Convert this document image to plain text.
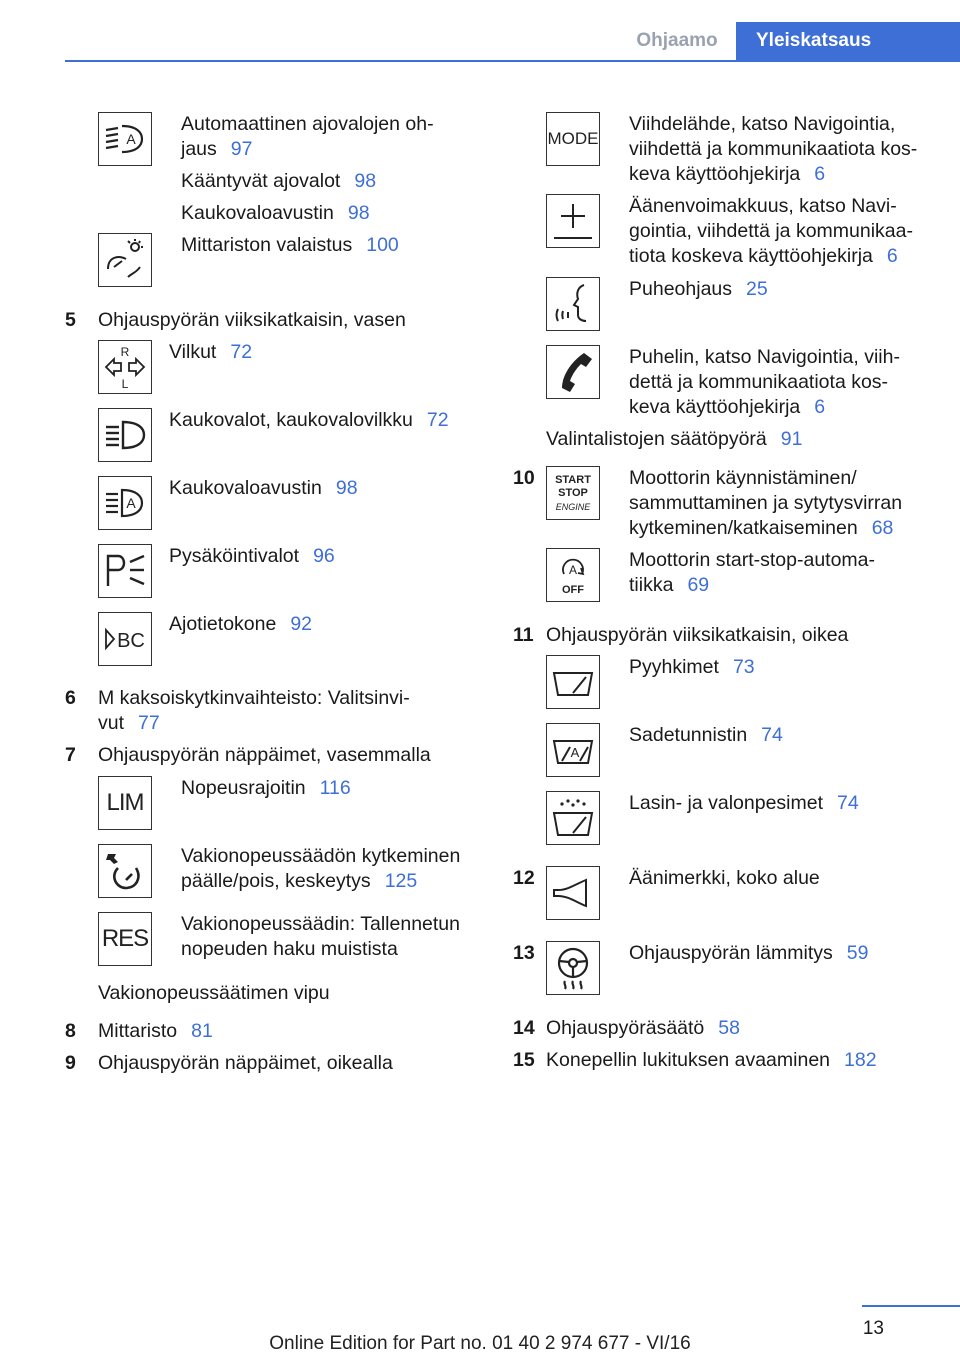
Ohjaamo	Yleiskatsaus
A
Automaattinen ajovalojen oh-
jaus 97
Kääntyvät ajovalot 98
Kaukovaloavustin 98
Mittariston valaistus 100
5 Ohjauspyörän viiksikatkaisin, vasen
R
L
Vilkut 72
Kaukovalot, kaukovalovilkku 72
A
Kaukovaloavustin 98
Pysäköintivalot 96
BC
Ajotietokone 92
6 M kaksoiskytkinvaihteisto: Valitsinvi-
vut 77
7 Ohjauspyörän näppäimet, vasemmalla
LIM
Nopeusrajoitin 116
Vakionopeussäädön kytkeminen
päälle/pois, keskeytys 125
RES
Vakionopeussäädin: Tallennetun
nopeuden haku muistista
Vakionopeussäätimen vipu
8 Mittaristo 81
9 Ohjauspyörän näppäimet, oikealla
MODE
Viihdelähde, katso Navigointia,
viihdettä ja kommunikaatiota kos-
keva käyttöohjekirja 6
Äänenvoimakkuus, katso Navi-
gointia, viihdettä ja kommunikaa-
tiota koskeva käyttöohjekirja 6
Puheohjaus 25
Puhelin, katso Navigointia, viih-
dettä ja kommunikaatiota kos-
keva käyttöohjekirja 6
Valintalistojen säätöpyörä 91
10 START
STOP
ENGINE
Moottorin käynnistäminen/
sammuttaminen ja sytytysvirran
kytkeminen/katkaiseminen 68
A
OFF
Moottorin start-stop-automa-
tiikka 69
11 Ohjauspyörän viiksikatkaisin, oikea
Pyyhkimet 73
A
Sadetunnistin 74
Lasin- ja valonpesimet 74
12	Äänimerkki, koko alue
13	Ohjauspyörän lämmitys 59
14 Ohjauspyöräsäätö 58
15 Konepellin lukituksen avaaminen 182
13
Online Edition for Part no. 01 40 2 974 677 - VI/16
